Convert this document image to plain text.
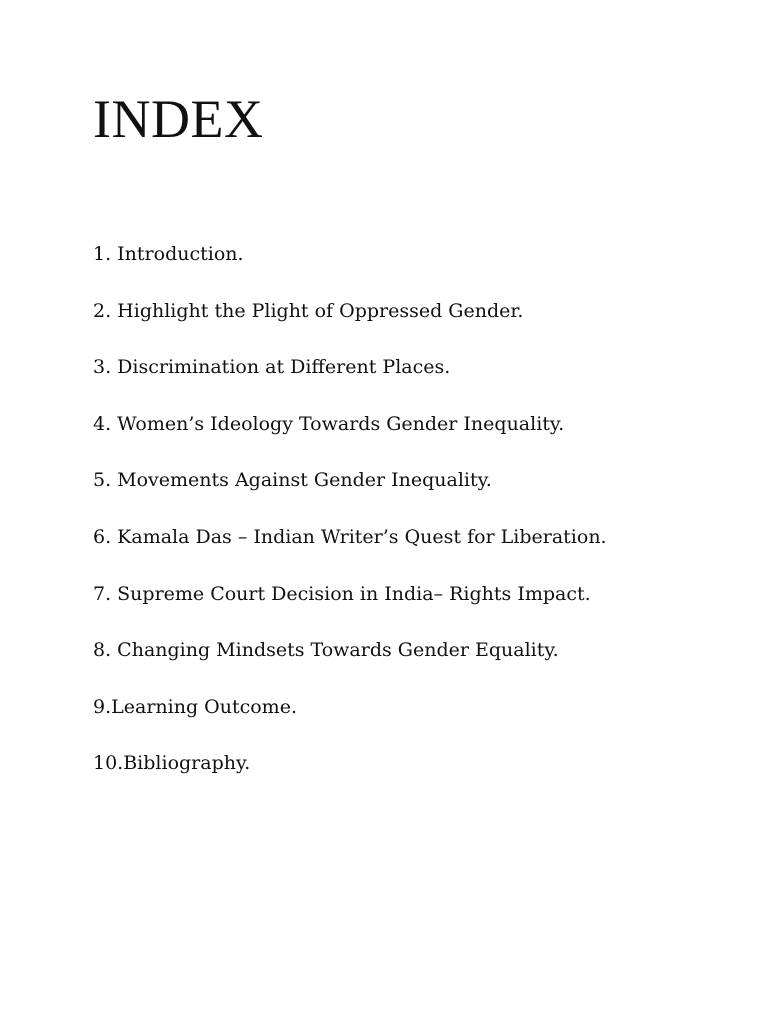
INDEX
1. Introduction.
2. Highlight the Plight of Oppressed Gender.
3. Discrimination at Different Places.
4. Women’s Ideology Towards Gender Inequality.
5. Movements Against Gender Inequality.
6. Kamala Das – Indian Writer’s Quest for Liberation.
7. Supreme Court Decision in India– Rights Impact.
8. Changing Mindsets Towards Gender Equality.
9.Learning Outcome.
10.Bibliography.
